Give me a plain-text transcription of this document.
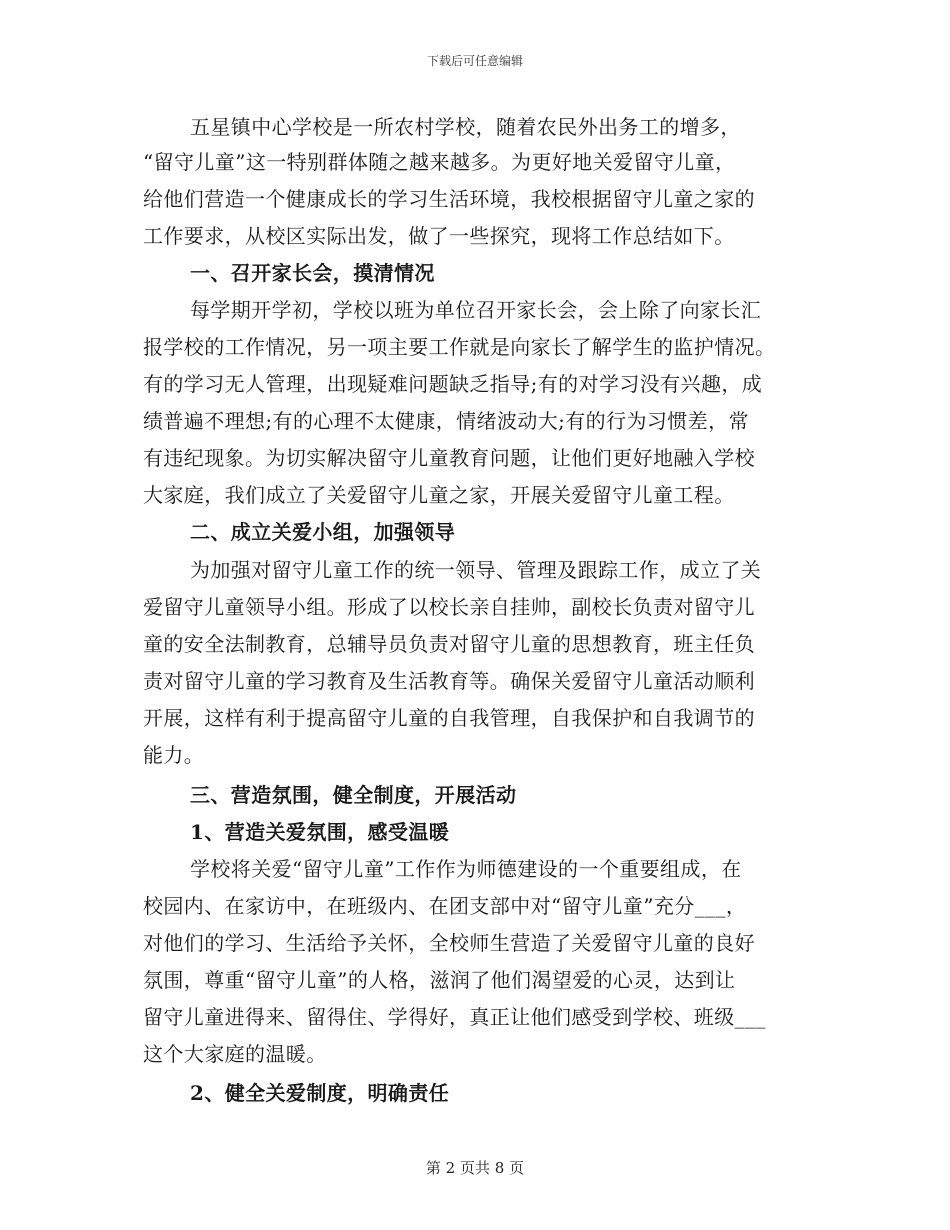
下载后可任意编辑
五星镇中心学校是一所农村学校，随着农民外出务工的增多，
“留守儿童”这一特别群体随之越来越多。为更好地关爱留守儿童，
给他们营造一个健康成长的学习生活环境，我校根据留守儿童之家的
工作要求，从校区实际出发，做了一些探究，现将工作总结如下。
一、召开家长会，摸清情况
每学期开学初，学校以班为单位召开家长会，会上除了向家长汇
报学校的工作情况，另一项主要工作就是向家长了解学生的监护情况。
有的学习无人管理，出现疑难问题缺乏指导;有的对学习没有兴趣，成
绩普遍不理想;有的心理不太健康，情绪波动大;有的行为习惯差，常
有违纪现象。为切实解决留守儿童教育问题，让他们更好地融入学校
大家庭，我们成立了关爱留守儿童之家，开展关爱留守儿童工程。
二、成立关爱小组，加强领导
为加强对留守儿童工作的统一领导、管理及跟踪工作，成立了关
爱留守儿童领导小组。形成了以校长亲自挂帅，副校长负责对留守儿
童的安全法制教育，总辅导员负责对留守儿童的思想教育，班主任负
责对留守儿童的学习教育及生活教育等。确保关爱留守儿童活动顺利
开展，这样有利于提高留守儿童的自我管理，自我保护和自我调节的
能力。
三、营造氛围，健全制度，开展活动
1、营造关爱氛围，感受温暖
学校将关爱“留守儿童”工作作为师德建设的一个重要组成，在
校园内、在家访中，在班级内、在团支部中对“留守儿童”充分___，
对他们的学习、生活给予关怀，全校师生营造了关爱留守儿童的良好
氛围，尊重“留守儿童”的人格，滋润了他们渴望爱的心灵，达到让
留守儿童进得来、留得住、学得好，真正让他们感受到学校、班级___
这个大家庭的温暖。
2、健全关爱制度，明确责任
第 2 页共 8 页
